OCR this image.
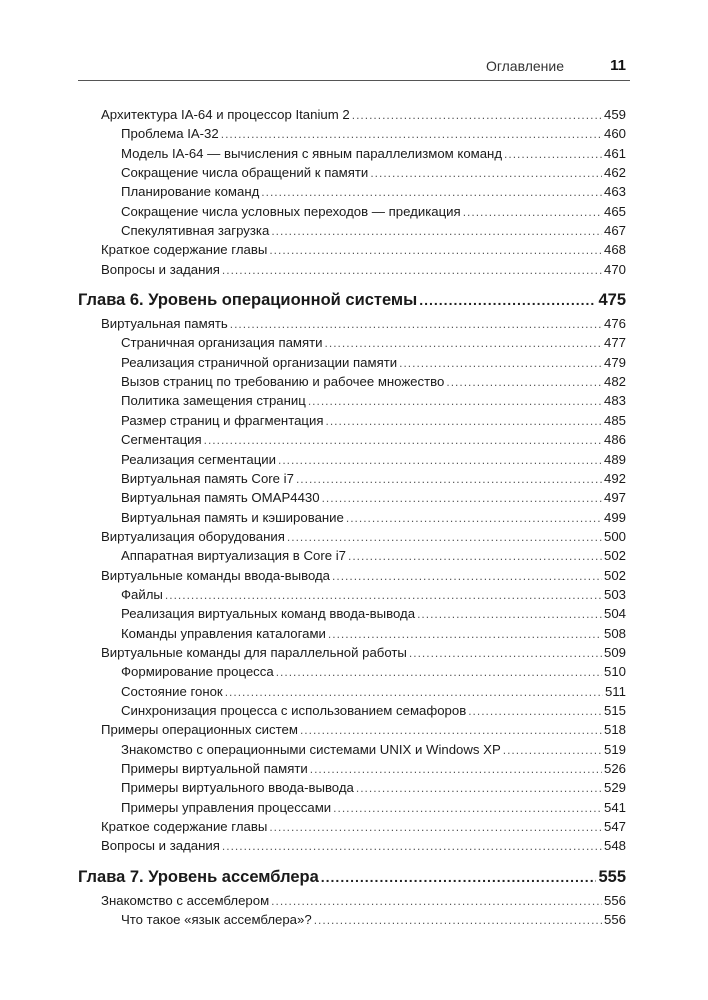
Оглавление	11
Архитектура IA-64 и процессор Itanium 2 .....	459
Проблема IA-32 .....	460
Модель IA-64 — вычисления с явным параллелизмом команд .....	461
Сокращение числа обращений к памяти .....	462
Планирование команд .....	463
Сокращение числа условных переходов — предикация .....	465
Спекулятивная загрузка .....	467
Краткое содержание главы .....	468
Вопросы и задания .....	470
Глава 6. Уровень операционной системы .....	475
Виртуальная память .....	476
Страничная организация памяти .....	477
Реализация страничной организации памяти .....	479
Вызов страниц по требованию и рабочее множество .....	482
Политика замещения страниц .....	483
Размер страниц и фрагментация .....	485
Сегментация .....	486
Реализация сегментации .....	489
Виртуальная память Core i7 .....	492
Виртуальная память OMAP4430 .....	497
Виртуальная память и кэширование .....	499
Виртуализация оборудования .....	500
Аппаратная виртуализация в Core i7 .....	502
Виртуальные команды ввода-вывода .....	502
Файлы .....	503
Реализация виртуальных команд ввода-вывода .....	504
Команды управления каталогами .....	508
Виртуальные команды для параллельной работы .....	509
Формирование процесса .....	510
Состояние гонок .....	511
Синхронизация процесса с использованием семафоров .....	515
Примеры операционных систем .....	518
Знакомство с операционными системами UNIX и Windows XP .....	519
Примеры виртуальной памяти .....	526
Примеры виртуального ввода-вывода .....	529
Примеры управления процессами .....	541
Краткое содержание главы .....	547
Вопросы и задания .....	548
Глава 7. Уровень ассемблера .....	555
Знакомство с ассемблером .....	556
Что такое «язык ассемблера»? .....	556
